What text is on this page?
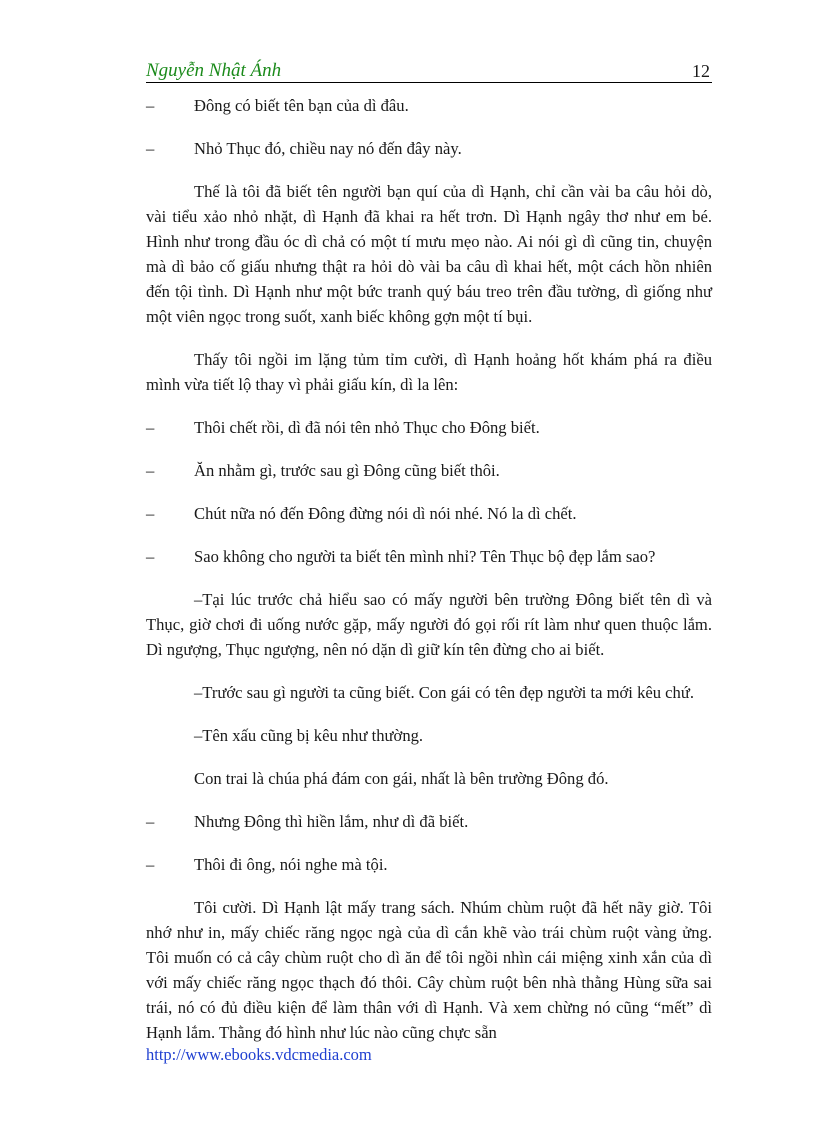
Nguyễn Nhật Ánh	12
–	Đông có biết tên bạn của dì đâu.
–	Nhỏ Thục đó, chiều nay nó đến đây này.

Thế là tôi đã biết tên người bạn quí của dì Hạnh, chỉ cần vài ba câu hỏi dò, vài tiểu xảo nhỏ nhặt, dì Hạnh đã khai ra hết trơn. Dì Hạnh ngây thơ như em bé. Hình như trong đầu óc dì chả có một tí mưu mẹo nào. Ai nói gì dì cũng tin, chuyện mà dì bảo cố giấu nhưng thật ra hỏi dò vài ba câu dì khai hết, một cách hồn nhiên đến tội tình. Dì Hạnh như một bức tranh quý báu treo trên đầu tường, dì giống như một viên ngọc trong suốt, xanh biếc không gợn một tí bụi.

Thấy tôi ngồi im lặng tủm tỉm cười, dì Hạnh hoảng hốt khám phá ra điều mình vừa tiết lộ thay vì phải giấu kín, dì la lên:

–	Thôi chết rồi, dì đã nói tên nhỏ Thục cho Đông biết.
–	Ăn nhằm gì, trước sau gì Đông cũng biết thôi.
–	Chút nữa nó đến Đông đừng nói dì nói nhé. Nó la dì chết.
–	Sao không cho người ta biết tên mình nhỉ? Tên Thục bộ đẹp lắm sao?

–Tại lúc trước chả hiểu sao có mấy người bên trường Đông biết tên dì và Thục, giờ chơi đi uống nước gặp, mấy người đó gọi rối rít làm như quen thuộc lắm. Dì ngượng, Thục ngượng, nên nó dặn dì giữ kín tên đừng cho ai biết.

–Trước sau gì người ta cũng biết. Con gái có tên đẹp người ta mới kêu chứ.

–Tên xấu cũng bị kêu như thường.

Con trai là chúa phá đám con gái, nhất là bên trường Đông đó.

–	Nhưng Đông thì hiền lắm, như dì đã biết.
–	Thôi đi ông, nói nghe mà tội.

Tôi cười. Dì Hạnh lật mấy trang sách. Nhúm chùm ruột đã hết nãy giờ. Tôi nhớ như in, mấy chiếc răng ngọc ngà của dì cắn khẽ vào trái chùm ruột vàng ửng. Tôi muốn có cả cây chùm ruột cho dì ăn để tôi ngồi nhìn cái miệng xinh xắn của dì với mấy chiếc răng ngọc thạch đó thôi. Cây chùm ruột bên nhà thằng Hùng sữa sai trái, nó có đủ điều kiện để làm thân với dì Hạnh. Và xem chừng nó cũng “mết” dì Hạnh lắm. Thằng đó hình như lúc nào cũng chực sẵn

http://www.ebooks.vdcmedia.com
